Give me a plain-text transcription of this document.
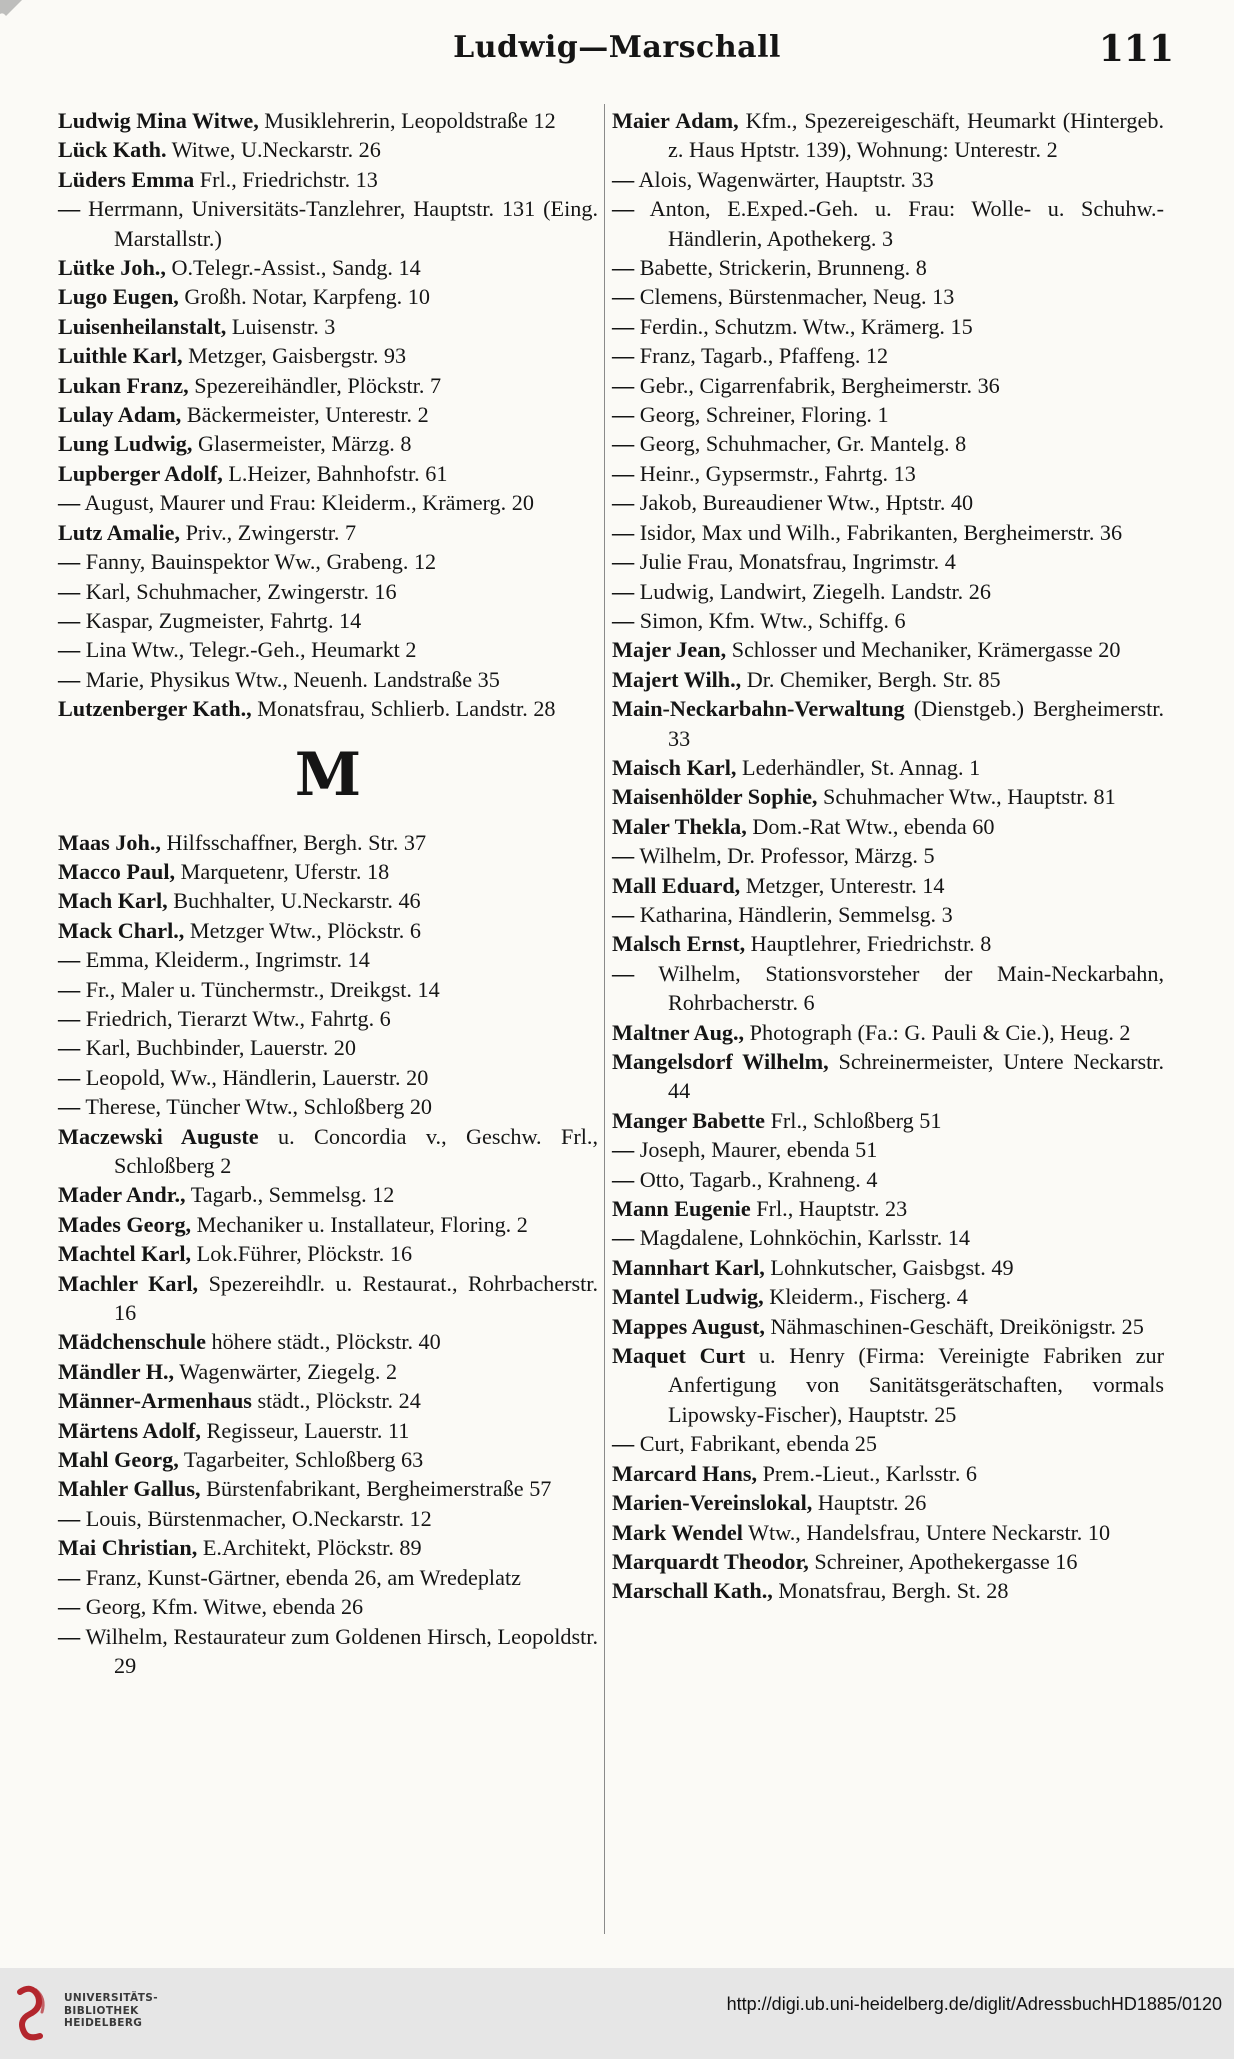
Ludwig—Marschall	111
Ludwig Mina Witwe, Musiklehrerin, Leopoldstraße 12
Lück Kath. Witwe, U.Neckarstr. 26
Lüders Emma Frl., Friedrichstr. 13
— Herrmann, Universitäts-Tanzlehrer, Hauptstr. 131 (Eing. Marstallstr.)
Lütke Joh., O.Telegr.-Assist., Sandg. 14
Lugo Eugen, Großh. Notar, Karpfeng. 10
Luisenheilanstalt, Luisenstr. 3
Luithle Karl, Metzger, Gaisbergstr. 93
Lukan Franz, Spezereihändler, Plöckstr. 7
Lulay Adam, Bäckermeister, Unterestr. 2
Lung Ludwig, Glasermeister, Märzg. 8
Lupberger Adolf, L.Heizer, Bahnhofstr. 61
— August, Maurer und Frau: Kleiderm., Krämerg. 20
Lutz Amalie, Priv., Zwingerstr. 7
— Fanny, Bauinspektor Ww., Grabeng. 12
— Karl, Schuhmacher, Zwingerstr. 16
— Kaspar, Zugmeister, Fahrtg. 14
— Lina Wtw., Telegr.-Geh., Heumarkt 2
— Marie, Physikus Wtw., Neuenh. Landstraße 35
Lutzenberger Kath., Monatsfrau, Schlierb. Landstr. 28
M
Maas Joh., Hilfsschaffner, Bergh. Str. 37
Macco Paul, Marquetenr, Uferstr. 18
Mach Karl, Buchhalter, U.Neckarstr. 46
Mack Charl., Metzger Wtw., Plöckstr. 6
— Emma, Kleiderm., Ingrimstr. 14
— Fr., Maler u. Tünchermstr., Dreikgst. 14
— Friedrich, Tierarzt Wtw., Fahrtg. 6
— Karl, Buchbinder, Lauerstr. 20
— Leopold, Ww., Händlerin, Lauerstr. 20
— Therese, Tüncher Wtw., Schloßberg 20
Maczewski Auguste u. Concordia v., Geschw. Frl., Schloßberg 2
Mader Andr., Tagarb., Semmelsg. 12
Mades Georg, Mechaniker u. Installateur, Floring. 2
Machtel Karl, Lok.Führer, Plöckstr. 16
Machler Karl, Spezereihdlr. u. Restaurat., Rohrbacherstr. 16
Mädchenschule höhere städt., Plöckstr. 40
Mändler H., Wagenwärter, Ziegelg. 2
Männer-Armenhaus städt., Plöckstr. 24
Märtens Adolf, Regisseur, Lauerstr. 11
Mahl Georg, Tagarbeiter, Schloßberg 63
Mahler Gallus, Bürstenfabrikant, Bergheimerstraße 57
— Louis, Bürstenmacher, O.Neckarstr. 12
Mai Christian, E.Architekt, Plöckstr. 89
— Franz, Kunst-Gärtner, ebenda 26, am Wredeplatz
— Georg, Kfm. Witwe, ebenda 26
— Wilhelm, Restaurateur zum Goldenen Hirsch, Leopoldstr. 29
Maier Adam, Kfm., Spezereigeschäft, Heumarkt (Hintergeb. z. Haus Hptstr. 139), Wohnung: Unterestr. 2
— Alois, Wagenwärter, Hauptstr. 33
— Anton, E.Exped.-Geh. u. Frau: Wolle- u. Schuhw.-Händlerin, Apothekerg. 3
— Babette, Strickerin, Brunneng. 8
— Clemens, Bürstenmacher, Neug. 13
— Ferdin., Schutzm. Wtw., Krämerg. 15
— Franz, Tagarb., Pfaffeng. 12
— Gebr., Cigarrenfabrik, Bergheimerstr. 36
— Georg, Schreiner, Floring. 1
— Georg, Schuhmacher, Gr. Mantelg. 8
— Heinr., Gypsermstr., Fahrtg. 13
— Jakob, Bureaudiener Wtw., Hptstr. 40
— Isidor, Max und Wilh., Fabrikanten, Bergheimerstr. 36
— Julie Frau, Monatsfrau, Ingrimstr. 4
— Ludwig, Landwirt, Ziegelh. Landstr. 26
— Simon, Kfm. Wtw., Schiffg. 6
Majer Jean, Schlosser und Mechaniker, Krämergasse 20
Majert Wilh., Dr. Chemiker, Bergh. Str. 85
Main-Neckarbahn-Verwaltung (Dienstgeb.) Bergheimerstr. 33
Maisch Karl, Lederhändler, St. Annag. 1
Maisenhölder Sophie, Schuhmacher Wtw., Hauptstr. 81
Maler Thekla, Dom.-Rat Wtw., ebenda 60
— Wilhelm, Dr. Professor, Märzg. 5
Mall Eduard, Metzger, Unterestr. 14
— Katharina, Händlerin, Semmelsg. 3
Malsch Ernst, Hauptlehrer, Friedrichstr. 8
— Wilhelm, Stationsvorsteher der Main-Neckarbahn, Rohrbacherstr. 6
Maltner Aug., Photograph (Fa.: G. Pauli & Cie.), Heug. 2
Mangelsdorf Wilhelm, Schreinermeister, Untere Neckarstr. 44
Manger Babette Frl., Schloßberg 51
— Joseph, Maurer, ebenda 51
— Otto, Tagarb., Krahneng. 4
Mann Eugenie Frl., Hauptstr. 23
— Magdalene, Lohnköchin, Karlsstr. 14
Mannhart Karl, Lohnkutscher, Gaisbgst. 49
Mantel Ludwig, Kleiderm., Fischerg. 4
Mappes August, Nähmaschinen-Geschäft, Dreikönigstr. 25
Maquet Curt u. Henry (Firma: Vereinigte Fabriken zur Anfertigung von Sanitätsgerätschaften, vormals Lipowsky-Fischer), Hauptstr. 25
— Curt, Fabrikant, ebenda 25
Marcard Hans, Prem.-Lieut., Karlsstr. 6
Marien-Vereinslokal, Hauptstr. 26
Mark Wendel Wtw., Handelsfrau, Untere Neckarstr. 10
Marquardt Theodor, Schreiner, Apothekergasse 16
Marschall Kath., Monatsfrau, Bergh. St. 28
UNIVERSITÄTS-
BIBLIOTHEK
HEIDELBERG
http://digi.ub.uni-heidelberg.de/diglit/AdressbuchHD1885/0120
